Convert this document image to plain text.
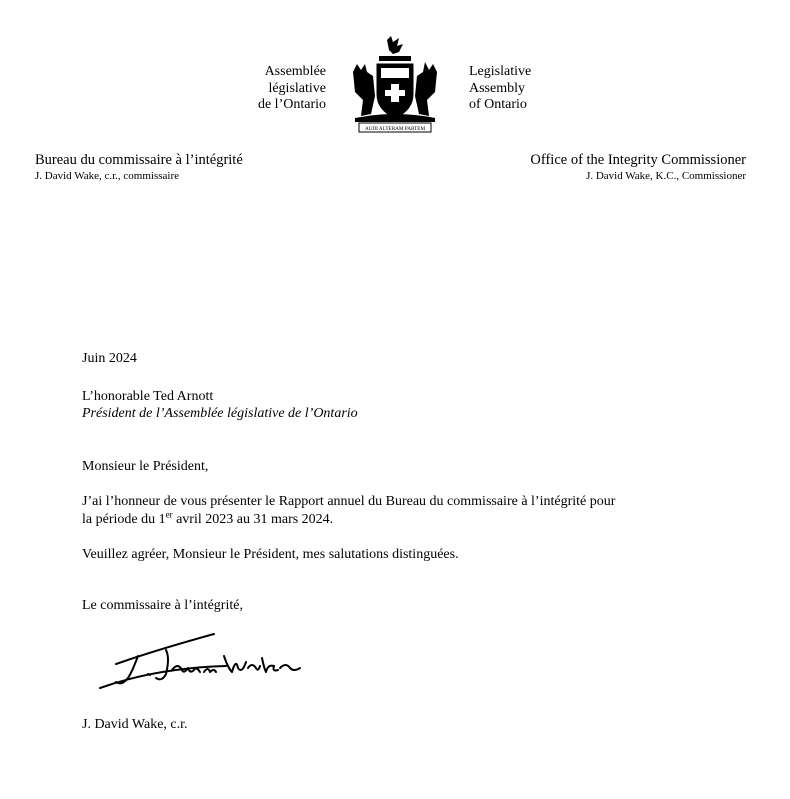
Assemblée
législative
de l’Ontario
AUDI ALTERAM PARTEM
Legislative
Assembly
of Ontario
Bureau du commissaire à l’intégrité
J. David Wake, c.r., commissaire
Office of the Integrity Commissioner
J. David Wake, K.C., Commissioner
Juin 2024
L’honorable Ted Arnott
Président de l’Assemblée législative de l’Ontario
Monsieur le Président,
J’ai l’honneur de vous présenter le Rapport annuel du Bureau du commissaire à l’intégrité pour
la période du 1er avril 2023 au 31 mars 2024.
Veuillez agréer, Monsieur le Président, mes salutations distinguées.
Le commissaire à l’intégrité,
J. David Wake, c.r.
